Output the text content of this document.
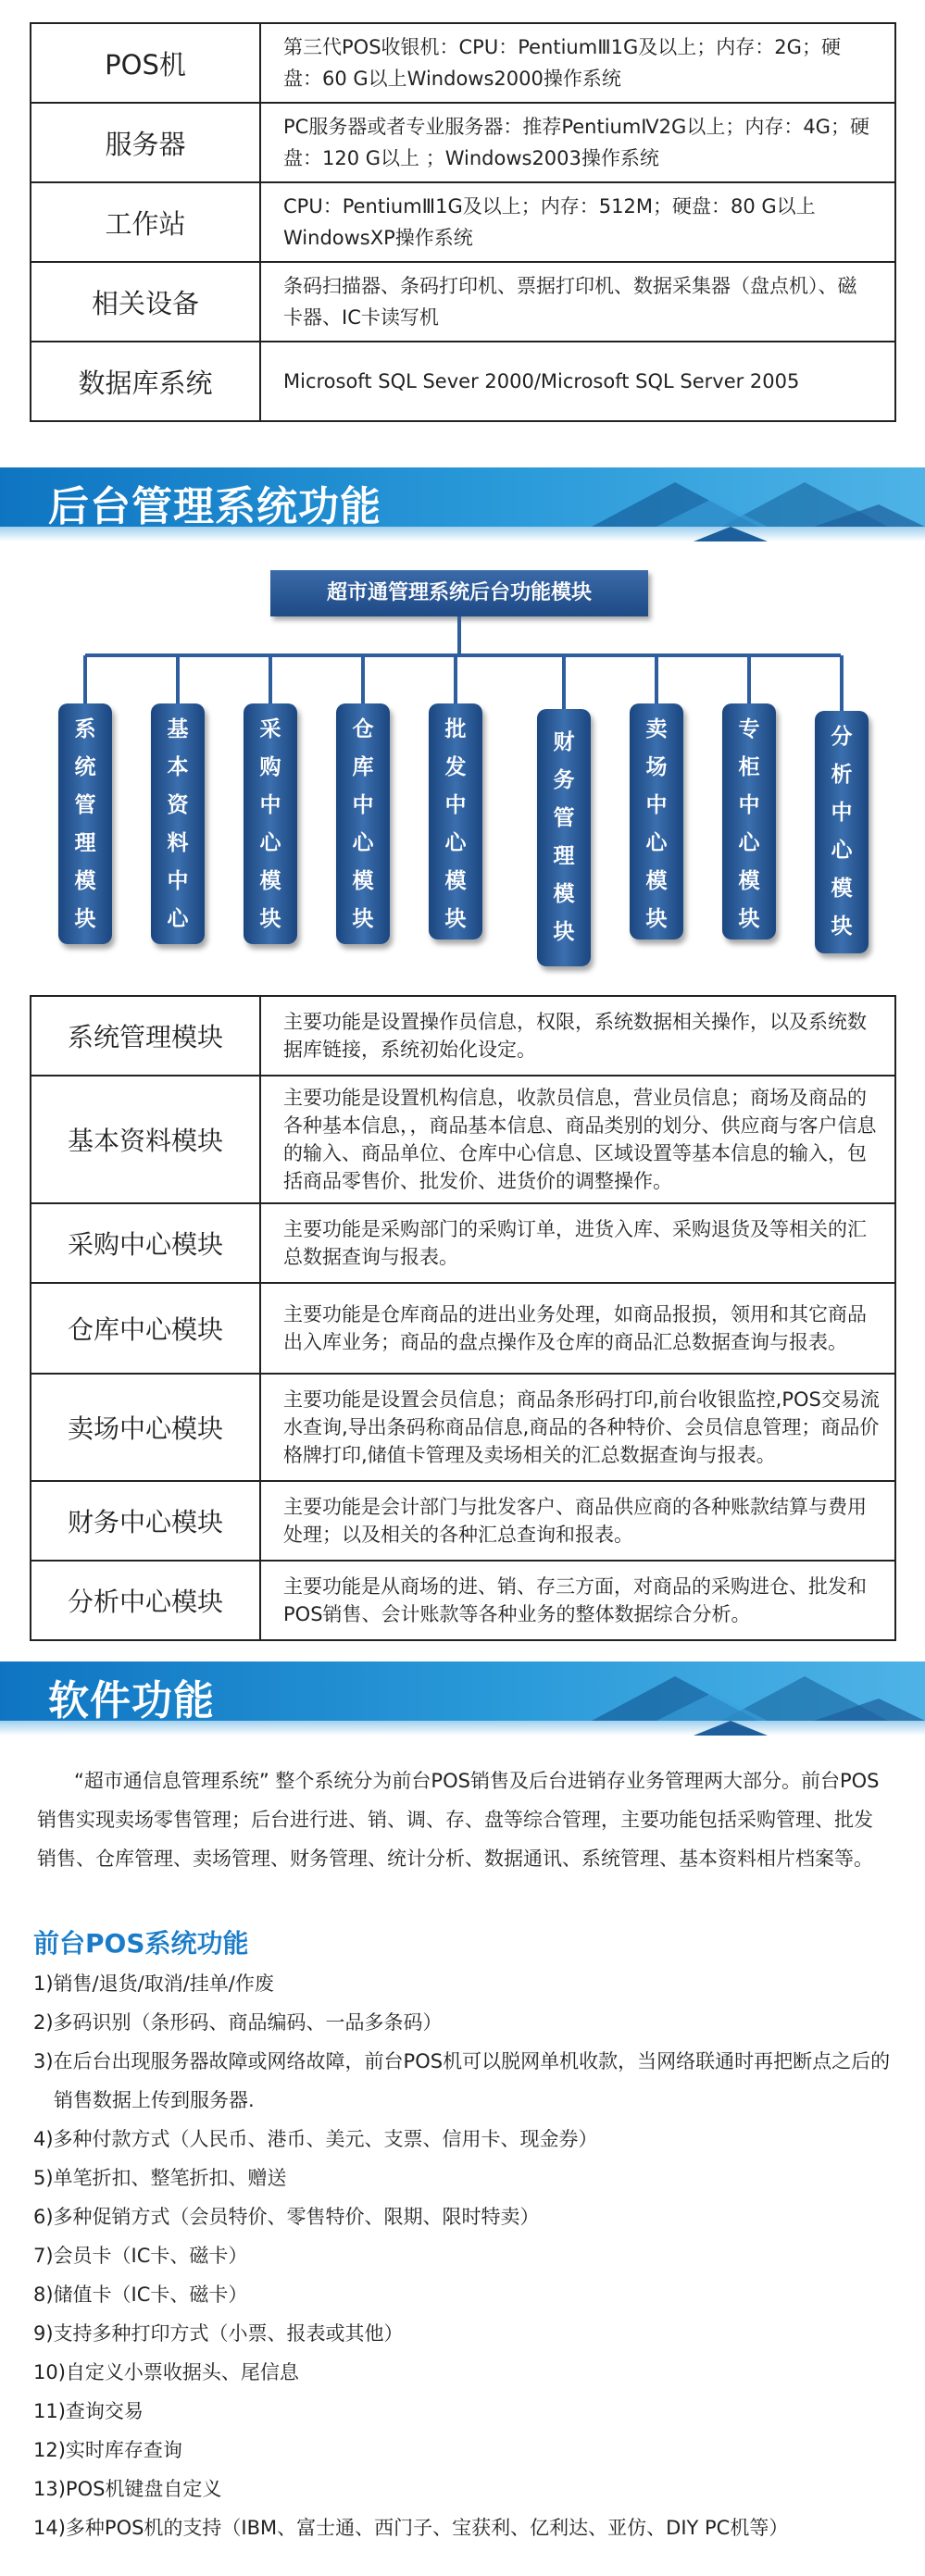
POS机	第三代POS收银机：CPU：PentiumⅢ1G及以上；内存：2G；硬盘：60 G以上Windows2000操作系统
服务器	PC服务器或者专业服务器：推荐PentiumⅣ2G以上；内存：4G；硬盘：120 G以上 ；Windows2003操作系统
工作站	CPU：PentiumⅢ1G及以上；内存：512M；硬盘：80 G以上WindowsXP操作系统
相关设备	条码扫描器、条码打印机、票据打印机、数据采集器（盘点机）、磁卡器、IC卡读写机
数据库系统	Microsoft SQL Sever 2000/Microsoft SQL Server 2005
后台管理系统功能
超市通管理系统后台功能模块
系统管理模块
基本资料中心
采购中心模块
仓库中心模块
批发中心模块
财务管理模块
卖场中心模块
专柜中心模块
分析中心模块
系统管理模块	主要功能是设置操作员信息，权限，系统数据相关操作，以及系统数据库链接，系统初始化设定。
基本资料模块	主要功能是设置机构信息，收款员信息，营业员信息；商场及商品的各种基本信息，，商品基本信息、商品类别的划分、供应商与客户信息的输入、商品单位、仓库中心信息、区域设置等基本信息的输入，包括商品零售价、批发价、进货价的调整操作。
采购中心模块	主要功能是采购部门的采购订单，进货入库、采购退货及等相关的汇总数据查询与报表。
仓库中心模块	主要功能是仓库商品的进出业务处理，如商品报损，领用和其它商品出入库业务；商品的盘点操作及仓库的商品汇总数据查询与报表。
卖场中心模块	主要功能是设置会员信息；商品条形码打印,前台收银监控,POS交易流水查询,导出条码称商品信息,商品的各种特价、会员信息管理；商品价格牌打印,储值卡管理及卖场相关的汇总数据查询与报表。
财务中心模块	主要功能是会计部门与批发客户、商品供应商的各种账款结算与费用处理；以及相关的各种汇总查询和报表。
分析中心模块	主要功能是从商场的进、销、存三方面，对商品的采购进仓、批发和POS销售、会计账款等各种业务的整体数据综合分析。
软件功能

“超市通信息管理系统” 整个系统分为前台POS销售及后台进销存业务管理两大部分。前台POS销售实现卖场零售管理；后台进行进、销、调、存、盘等综合管理，主要功能包括采购管理、批发销售、仓库管理、卖场管理、财务管理、统计分析、数据通讯、系统管理、基本资料相片档案等。

前台POS系统功能
1)销售/退货/取消/挂单/作废
2)多码识别（条形码、商品编码、一品多条码）
3)在后台出现服务器故障或网络故障，前台POS机可以脱网单机收款，当网络联通时再把断点之后的销售数据上传到服务器.
4)多种付款方式（人民币、港币、美元、支票、信用卡、现金券）
5)单笔折扣、整笔折扣、赠送
6)多种促销方式（会员特价、零售特价、限期、限时特卖）
7)会员卡（IC卡、磁卡）
8)储值卡（IC卡、磁卡）
9)支持多种打印方式（小票、报表或其他）
10)自定义小票收据头、尾信息
11)查询交易
12)实时库存查询
13)POS机键盘自定义
14)多种POS机的支持（IBM、富士通、西门子、宝获利、亿利达、亚仿、DIY PC机等）
